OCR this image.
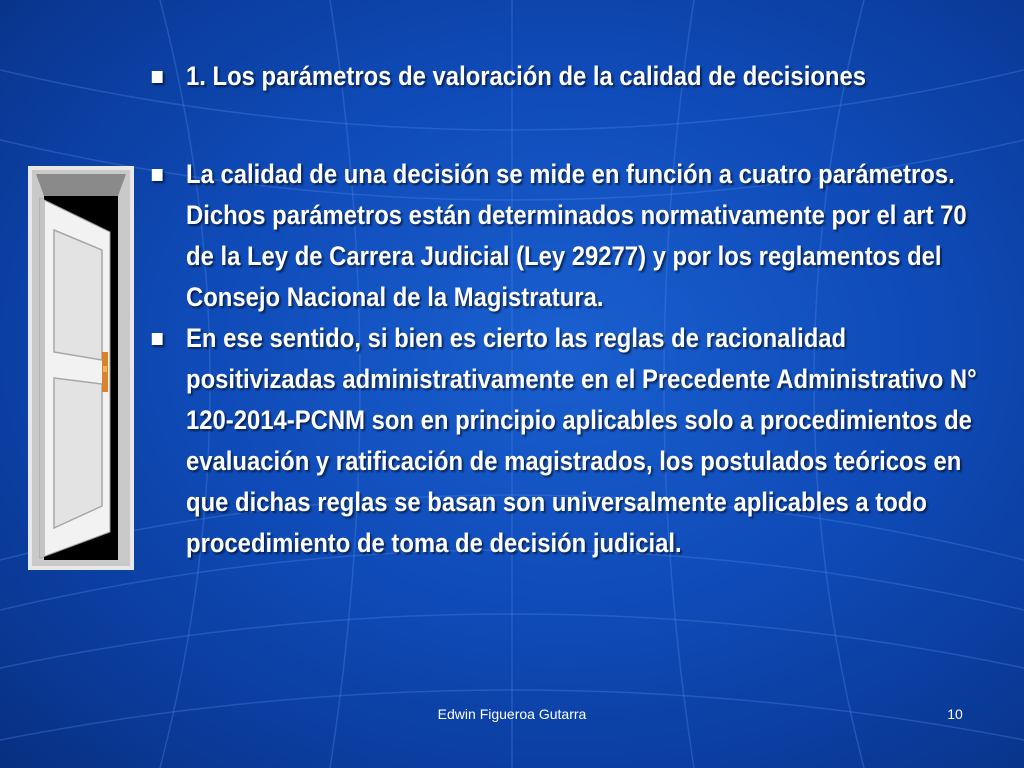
1. Los parámetros de valoración de la calidad de decisiones
La calidad de una decisión se mide en función a cuatro parámetros. Dichos parámetros están determinados normativamente por el art 70 de la Ley de Carrera Judicial (Ley 29277) y por los reglamentos del Consejo Nacional de la Magistratura.
En ese sentido, si bien es cierto las reglas de racionalidad positivizadas administrativamente en el Precedente Administrativo N° 120-2014-PCNM son en principio aplicables solo a procedimientos de evaluación y ratificación de magistrados, los postulados teóricos en que dichas reglas se basan son universalmente aplicables a todo procedimiento de toma de decisión judicial.
Edwin Figueroa Gutarra	10
